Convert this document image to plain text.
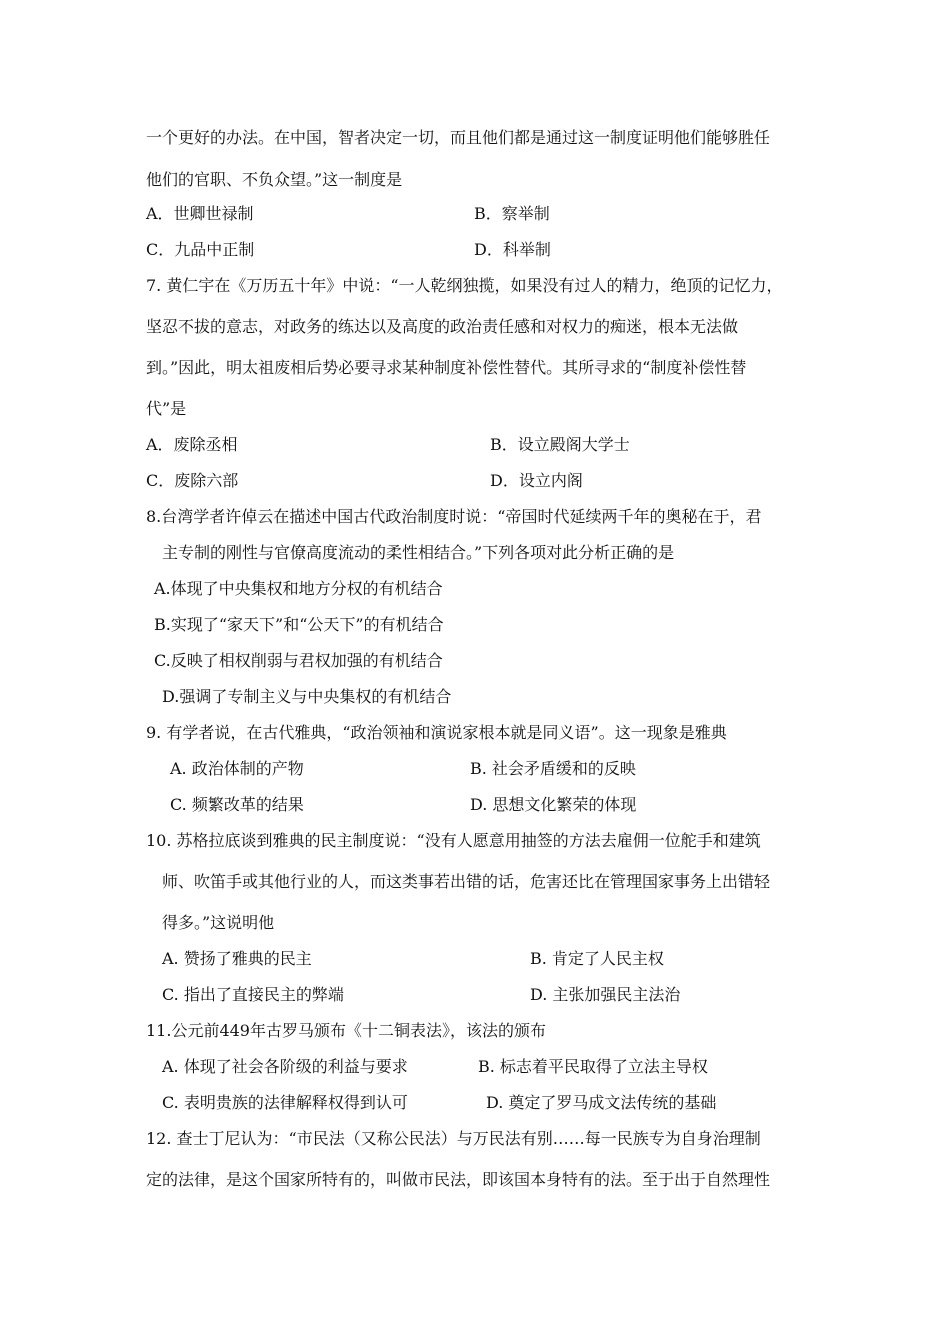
一个更好的办法。在中国，智者决定一切，而且他们都是通过这一制度证明他们能够胜任
他们的官职、不负众望。”这一制度是
A．世卿世禄制	B．察举制
C．九品中正制	D．科举制
7. 黄仁宇在《万历五十年》中说：“一人乾纲独揽，如果没有过人的精力，绝顶的记忆力，
坚忍不拔的意志，对政务的练达以及高度的政治责任感和对权力的痴迷，根本无法做
到。”因此，明太祖废相后势必要寻求某种制度补偿性替代。其所寻求的“制度补偿性替
代”是
A．废除丞相	B．设立殿阁大学士
C．废除六部	D．设立内阁
8.台湾学者许倬云在描述中国古代政治制度时说：“帝国时代延续两千年的奥秘在于，君
主专制的刚性与官僚高度流动的柔性相结合。”下列各项对此分析正确的是
A.体现了中央集权和地方分权的有机结合
B.实现了“家天下”和“公天下”的有机结合
C.反映了相权削弱与君权加强的有机结合
D.强调了专制主义与中央集权的有机结合
9. 有学者说，在古代雅典，“政治领袖和演说家根本就是同义语”。这一现象是雅典
A. 政治体制的产物	B. 社会矛盾缓和的反映
C. 频繁改革的结果	D. 思想文化繁荣的体现
10. 苏格拉底谈到雅典的民主制度说：“没有人愿意用抽签的方法去雇佣一位舵手和建筑
师、吹笛手或其他行业的人，而这类事若出错的话，危害还比在管理国家事务上出错轻
得多。”这说明他
A. 赞扬了雅典的民主	B. 肯定了人民主权
C. 指出了直接民主的弊端	D. 主张加强民主法治
11.公元前449年古罗马颁布《十二铜表法》，该法的颁布
A. 体现了社会各阶级的利益与要求	B. 标志着平民取得了立法主导权
C. 表明贵族的法律解释权得到认可	D. 奠定了罗马成文法传统的基础
12. 查士丁尼认为：“市民法（又称公民法）与万民法有别……每一民族专为自身治理制
定的法律，是这个国家所特有的，叫做市民法，即该国本身特有的法。至于出于自然理性
